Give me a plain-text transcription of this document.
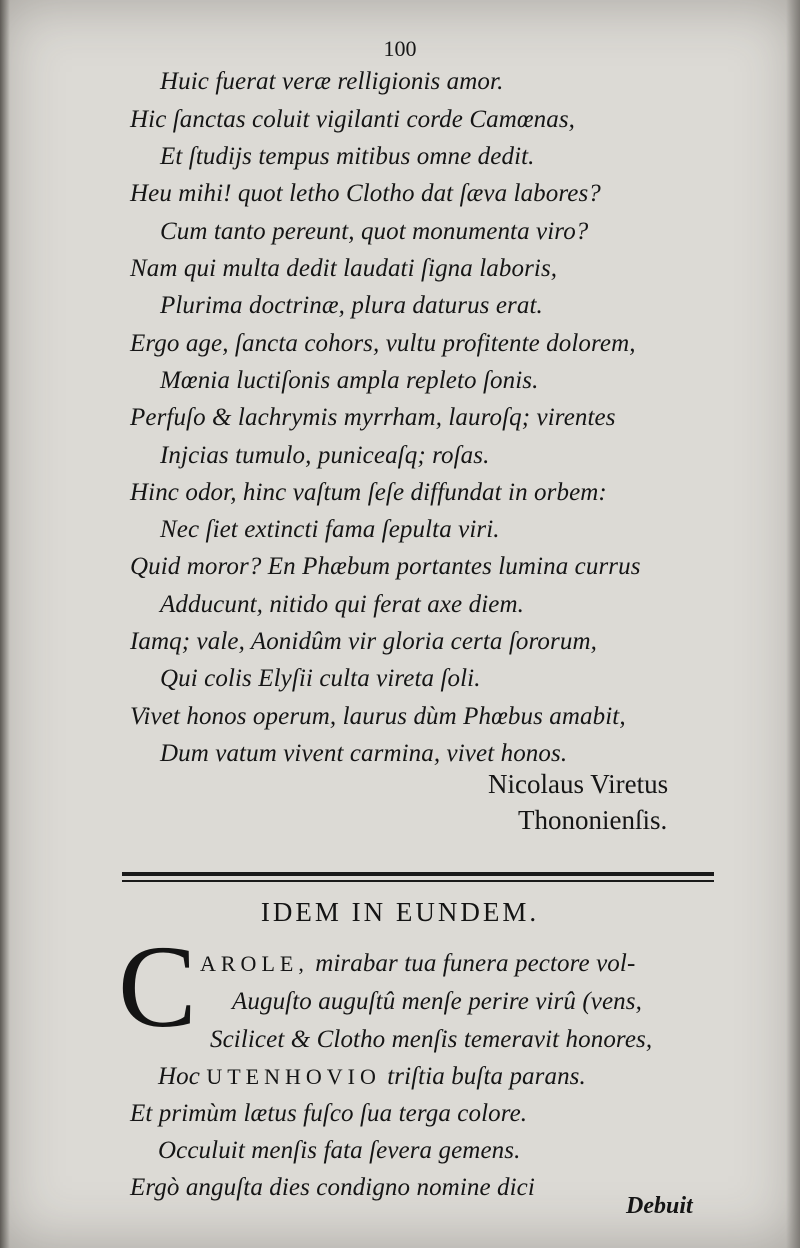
100
Huic fuerat veræ relligionis amor.
Hic ſanctas coluit vigilanti corde Camœnas,
Et ſtudijs tempus mitibus omne dedit.
Heu mihi! quot letho Clotho dat ſæva labores?
Cum tanto pereunt, quot monumenta viro?
Nam qui multa dedit laudati ſigna laboris,
Plurima doctrinæ, plura daturus erat.
Ergo age, ſancta cohors, vultu profitente dolorem,
Mœnia luctiſonis ampla repleto ſonis.
Perfuſo & lachrymis myrrham, lauroſq; virentes
Injcias tumulo, puniceaſq; roſas.
Hinc odor, hinc vaſtum ſeſe diffundat in orbem:
Nec ſiet extincti fama ſepulta viri.
Quid moror? En Phæbum portantes lumina currus
Adducunt, nitido qui ferat axe diem.
Iamq; vale, Aonidûm vir gloria certa ſororum,
Qui colis Elyſii culta vireta ſoli.
Vivet honos operum, laurus dùm Phœbus amabit,
Dum vatum vivent carmina, vivet honos.
Nicolaus Viretus
Thononienſis.
IDEM IN EUNDEM.
C AROLE, mirabar tua funera pectore vol-
Auguſto auguſtû menſe perire virû (vens,
Scilicet & Clotho menſis temeravit honores,
Hoc UTENHOVIO triſtia buſta parans.
Et primùm lætus fuſco ſua terga colore.
Occuluit menſis fata ſevera gemens.
Ergò anguſta dies condigno nomine dici
Debuit
